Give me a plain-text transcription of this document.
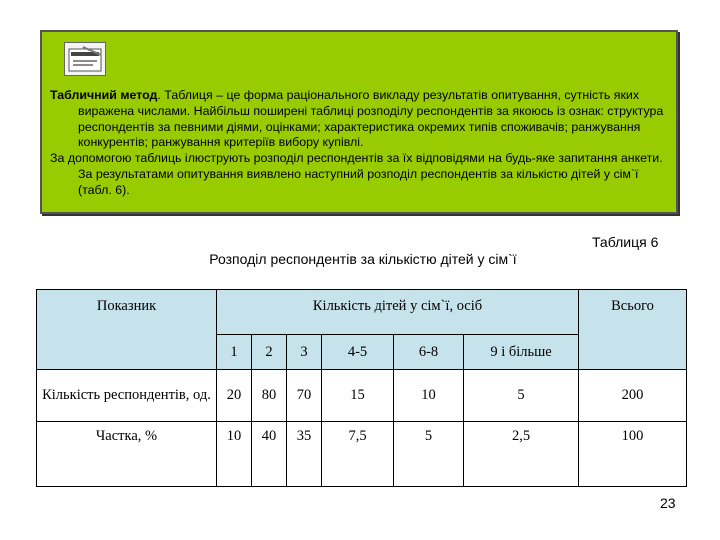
Табличний метод. Таблиця – це форма раціонального викладу результатів опитування, сутність яких виражена числами. Найбільш поширені таблиці розподілу респондентів за якоюсь із ознак: структура респондентів за певними діями, оцінками; характеристика окремих типів споживачів; ранжування конкурентів; ранжування критеріїв вибору купівлі.

За допомогою таблиць ілюструють розподіл респондентів за їх відповідями на будь-яке запитання анкети. За результатами опитування виявлено наступний розподіл респондентів за кількістю дітей у сім`ї (табл. 6).

Таблиця 6
Розподіл респондентів за кількістю дітей у сім`ї
Показник	Кількість дітей у сім`ї, осіб						Всього
	1	2	3	4-5	6-8	9 і більше	
Кількість респондентів, од.	20	80	70	15	10	5	200
Частка, %	10	40	35	7,5	5	2,5	100
23
